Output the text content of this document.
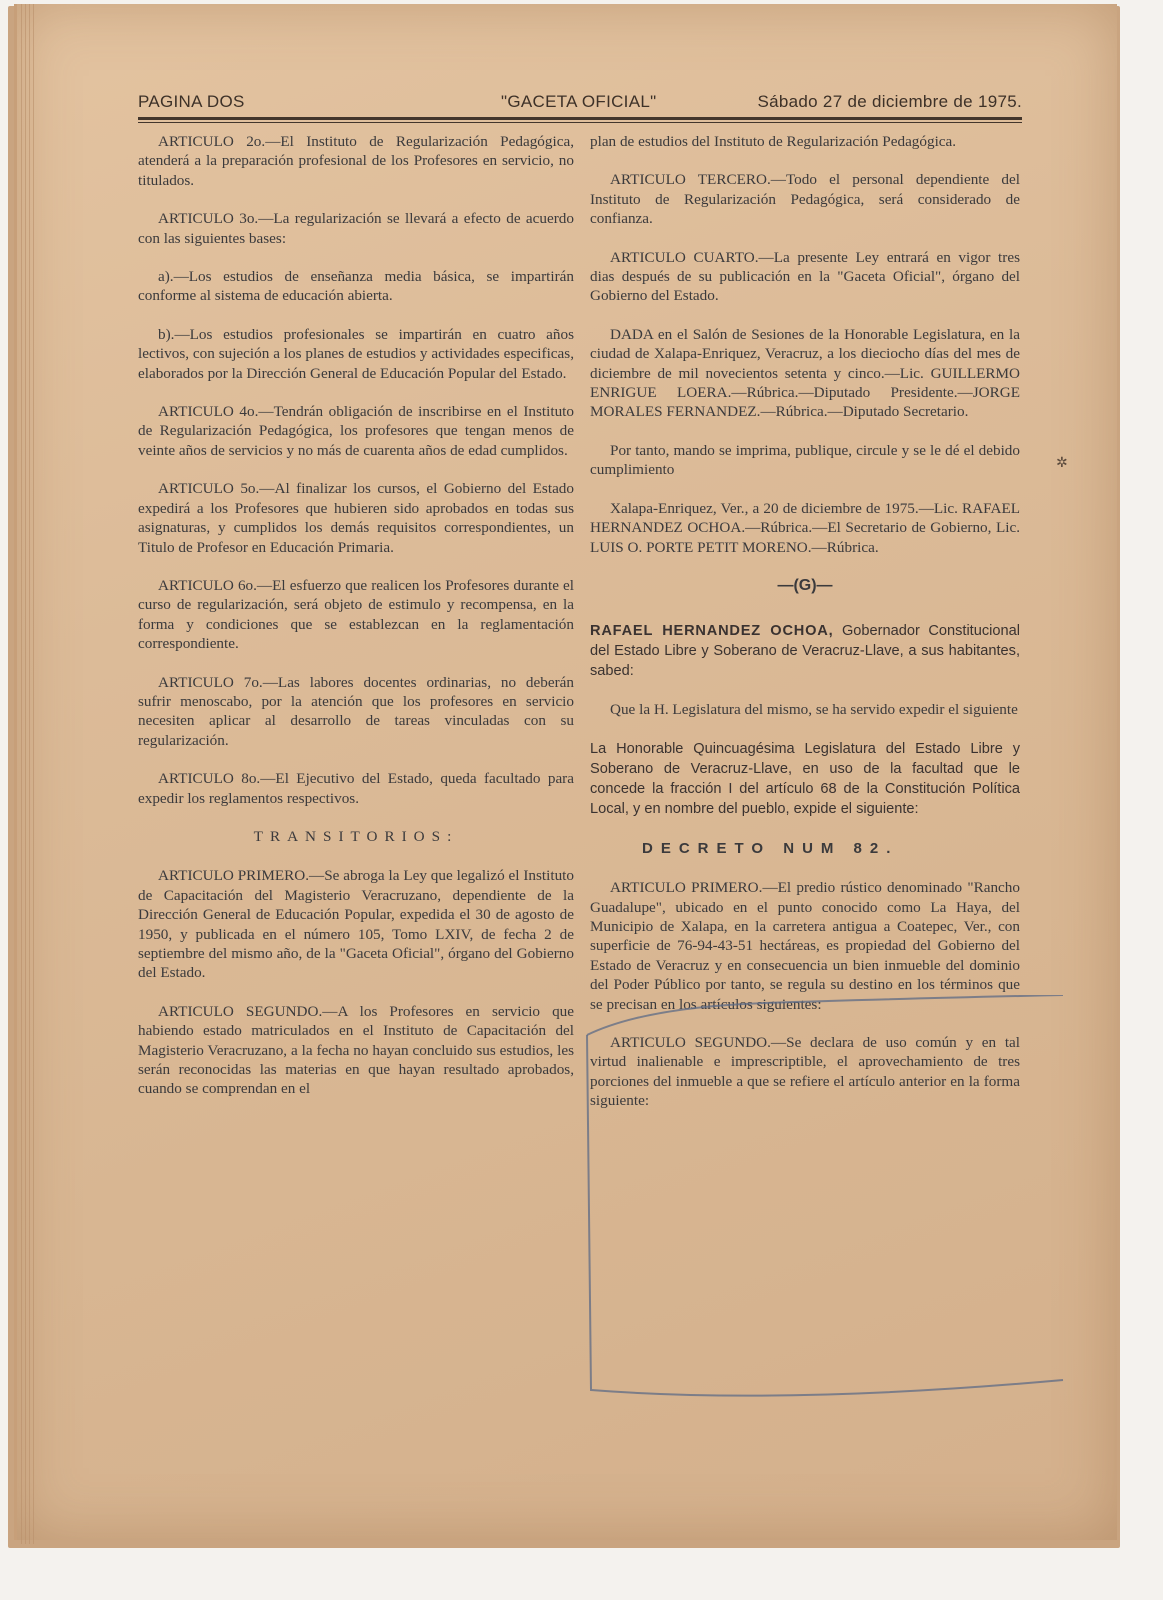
PAGINA DOS	"GACETA OFICIAL"	Sábado 27 de diciembre de 1975.

ARTICULO 2o.—El Instituto de Regularización Pedagógica, atenderá a la preparación profesional de los Profesores en servicio, no titulados.

ARTICULO 3o.—La regularización se llevará a efecto de acuerdo con las siguientes bases:

a).—Los estudios de enseñanza media básica, se impartirán conforme al sistema de educación abierta.

b).—Los estudios profesionales se impartirán en cuatro años lectivos, con sujeción a los planes de estudios y actividades especificas, elaborados por la Dirección General de Educación Popular del Estado.

ARTICULO 4o.—Tendrán obligación de inscribirse en el Instituto de Regularización Pedagógica, los profesores que tengan menos de veinte años de servicios y no más de cuarenta años de edad cumplidos.

ARTICULO 5o.—Al finalizar los cursos, el Gobierno del Estado expedirá a los Profesores que hubieren sido aprobados en todas sus asignaturas, y cumplidos los demás requisitos correspondientes, un Titulo de Profesor en Educación Primaria.

ARTICULO 6o.—El esfuerzo que realicen los Profesores durante el curso de regularización, será objeto de estimulo y recompensa, en la forma y condiciones que se establezcan en la reglamentación correspondiente.

ARTICULO 7o.—Las labores docentes ordinarias, no deberán sufrir menoscabo, por la atención que los profesores en servicio necesiten aplicar al desarrollo de tareas vinculadas con su regularización.

ARTICULO 8o.—El Ejecutivo del Estado, queda facultado para expedir los reglamentos respectivos.

TRANSITORIOS:

ARTICULO PRIMERO.—Se abroga la Ley que legalizó el Instituto de Capacitación del Magisterio Veracruzano, dependiente de la Dirección General de Educación Popular, expedida el 30 de agosto de 1950, y publicada en el número 105, Tomo LXIV, de fecha 2 de septiembre del mismo año, de la "Gaceta Oficial", órgano del Gobierno del Estado.

ARTICULO SEGUNDO.—A los Profesores en servicio que habiendo estado matriculados en el Instituto de Capacitación del Magisterio Veracruzano, a la fecha no hayan concluido sus estudios, les serán reconocidas las materias en que hayan resultado aprobados, cuando se comprendan en el

plan de estudios del Instituto de Regularización Pedagógica.

ARTICULO TERCERO.—Todo el personal dependiente del Instituto de Regularización Pedagógica, será considerado de confianza.

ARTICULO CUARTO.—La presente Ley entrará en vigor tres dias después de su publicación en la "Gaceta Oficial", órgano del Gobierno del Estado.

DADA en el Salón de Sesiones de la Honorable Legislatura, en la ciudad de Xalapa-Enriquez, Veracruz, a los dieciocho días del mes de diciembre de mil novecientos setenta y cinco.—Lic. GUILLERMO ENRIGUE LOERA.—Rúbrica.—Diputado Presidente.—JORGE MORALES FERNANDEZ.—Rúbrica.—Diputado Secretario.

Por tanto, mando se imprima, publique, circule y se le dé el debido cumplimiento

Xalapa-Enriquez, Ver., a 20 de diciembre de 1975.—Lic. RAFAEL HERNANDEZ OCHOA.—Rúbrica.—El Secretario de Gobierno, Lic. LUIS O. PORTE PETIT MORENO.—Rúbrica.

—(G)—

RAFAEL HERNANDEZ OCHOA, Gobernador Constitucional del Estado Libre y Soberano de Veracruz-Llave, a sus habitantes, sabed:

Que la H. Legislatura del mismo, se ha servido expedir el siguiente

La Honorable Quincuagésima Legislatura del Estado Libre y Soberano de Veracruz-Llave, en uso de la facultad que le concede la fracción I del artículo 68 de la Constitución Política Local, y en nombre del pueblo, expide el siguiente:

DECRETO NUM 82.

ARTICULO PRIMERO.—El predio rústico denominado "Rancho Guadalupe", ubicado en el punto conocido como La Haya, del Municipio de Xalapa, en la carretera antigua a Coatepec, Ver., con superficie de 76-94-43-51 hectáreas, es propiedad del Gobierno del Estado de Veracruz y en consecuencia un bien inmueble del dominio del Poder Público por tanto, se regula su destino en los términos que se precisan en los artículos siguientes:

ARTICULO SEGUNDO.—Se declara de uso común y en tal virtud inalienable e imprescriptible, el aprovechamiento de tres porciones del inmueble a que se refiere el artículo anterior en la forma siguiente:

✲
